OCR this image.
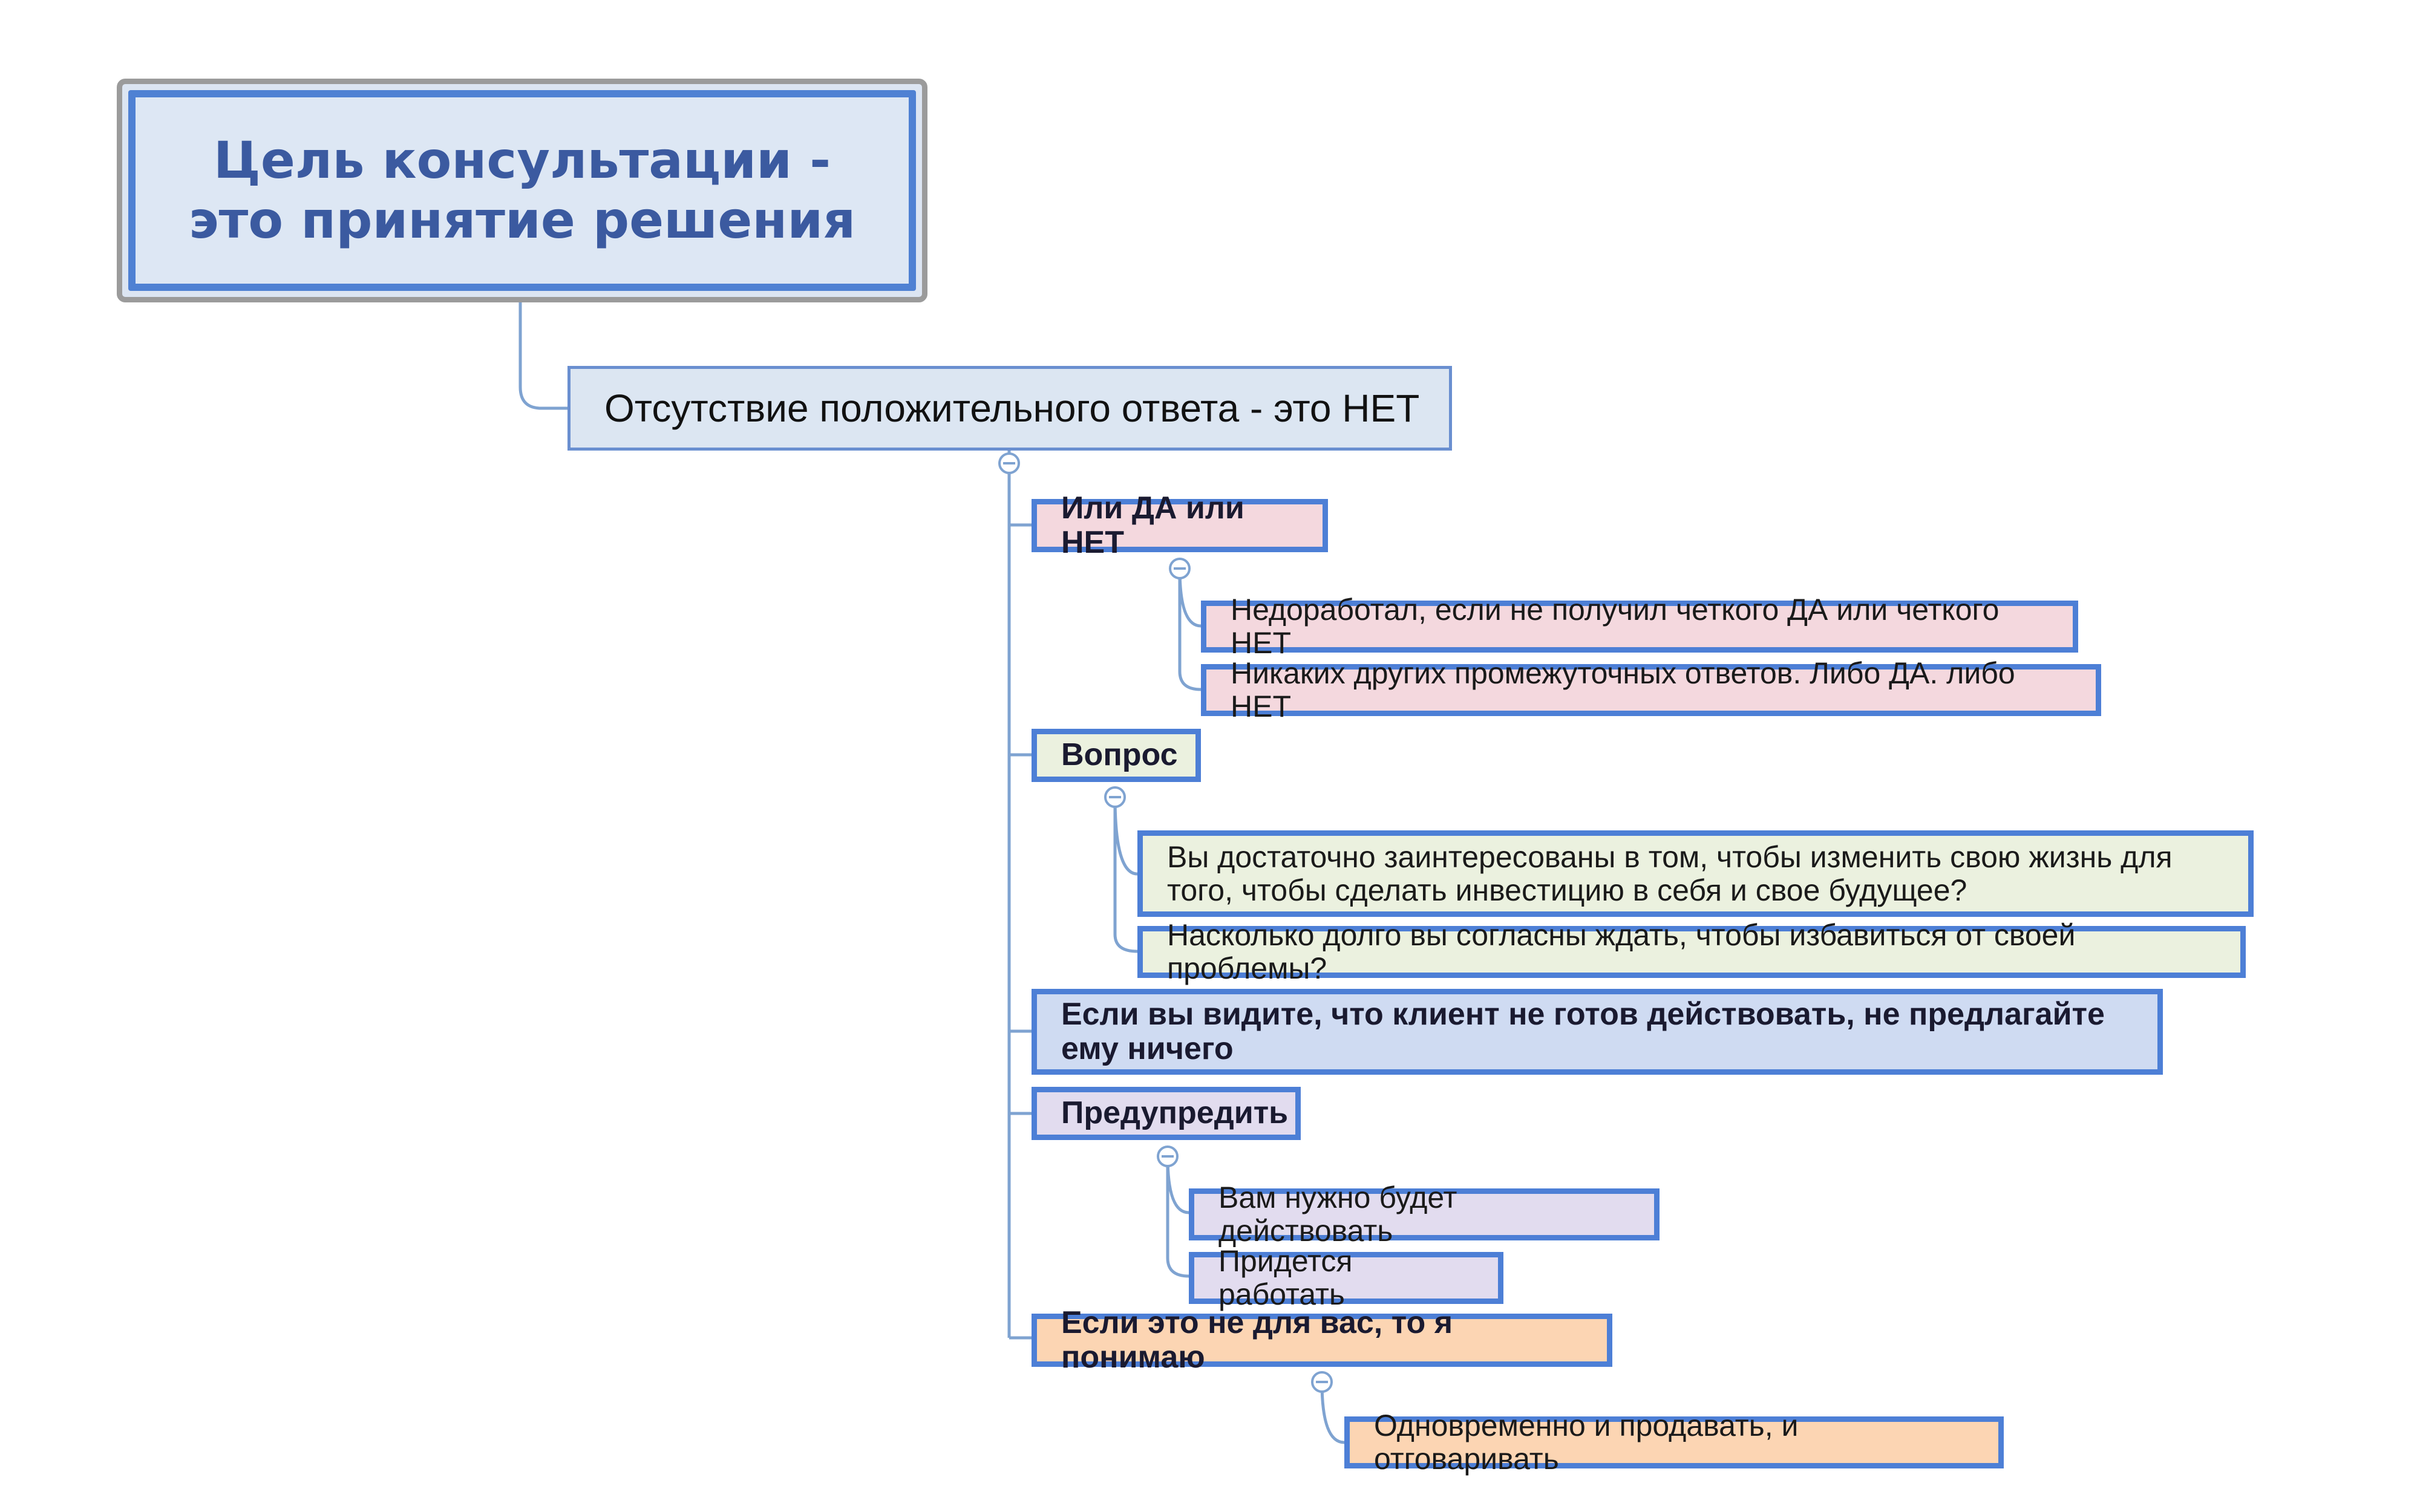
Цель консультации -
это принятие решения
Отсутствие положительного ответа - это НЕТ
Или ДА или НЕТ
Недоработал, если не получил четкого ДА или четкого НЕТ
Никаких других промежуточных ответов. Либо ДА. либо НЕТ
Вопрос
Вы достаточно заинтересованы в том, чтобы изменить свою жизнь для того, чтобы сделать инвестицию в себя и свое будущее?
Насколько долго вы согласны ждать, чтобы избавиться от своей проблемы?
Если вы видите, что клиент не готов действовать, не предлагайте ему ничего
Предупредить
Вам нужно будет действовать
Придется работать
Если это не для вас, то я понимаю
Одновременно и продавать, и отговаривать
